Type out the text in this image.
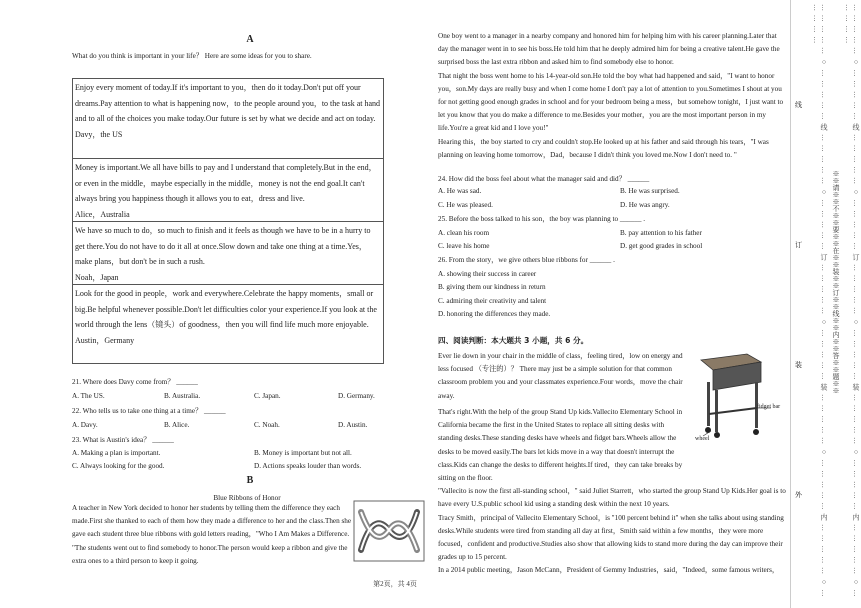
A
What do you think is important in your life？ Here are some ideas for you to share.
Enjoy every moment of today.If it's important to you，then do it today.Don't put off your dreams.Pay attention to what is happening now，to the people around you，to the task at hand and to all of the choices you make today.Our future is set by what we decide and act on today.
Davy，the US
Money is important.We all have bills to pay and I understand that completely.But in the end，or even in the middle，maybe especially in the middle，money is not the end goal.It can't always bring you happiness though it allows you to eat，dress and live.
Alice，Australia
We have so much to do，so much to finish and it feels as though we have to be in a hurry to get there.You do not have to do it all at once.Slow down and take one thing at a time.Yes，make plans，but don't be in such a rush.
Noah，Japan
Look for the good in people，work and everywhere.Celebrate the happy moments，small or big.Be helpful whenever possible.Don't let difficulties color your experience.If you look at the world through the lens（镜头）of goodness，then you will find life much more enjoyable.
Austin，Germany
21. Where does Davy come from？ ______
A. The US.	B. Australia.	C. Japan.	D. Germany.
22. Who tells us to take one thing at a time？ ______
A. Davy.	B. Alice.	C. Noah.	D. Austin.
23. What is Austin's idea？ ______
A. Making a plan is important.	B. Money is important but not all.
C. Always looking for the good.	D. Actions speaks louder than words.
B
Blue Ribbons of Honor
A teacher in New York decided to honor her students by telling them the difference they each made.First she thanked to each of them how they made a difference to her and the class.Then she gave each student three blue ribbons with gold letters reading，"Who I Am Makes a Difference. "The students went out to find somebody to honor.The person would keep a ribbon and give the extra ones to a third person to keep it going.

One boy went to a manager in a nearby company and honored him for helping him with his career planning.Later that day the manager went in to see his boss.He told him that he deeply admired him for being a creative talent.He gave the surprised boss the last extra ribbon and asked him to find somebody else to honor.

That night the boss went home to his 14-year-old son.He told the boy what had happened and said，"I want to honor you，son.My days are really busy and when I come home I don't pay a lot of attention to you.Sometimes I shout at you for not getting good enough grades in school and for your bedroom being a mess，but somehow tonight，I just want to let you know that you do make a difference to me.Besides your mother，you are the most important person in my life.You're a great kid and I love you!"

Hearing this，the boy started to cry and couldn't stop.He looked up at his father and said through his tears，"I was planning on leaving home tomorrow，Dad，because I didn't think you loved me.Now I don't need to. "

24. How did the boss feel about what the manager said and did？ ______
A. He was sad.	B. He was surprised.
C. He was pleased.	D. He was angry.
25. Before the boss talked to his son，the boy was planning to ______ .
A. clean his room	B. pay attention to his father
C. leave his home	D. get good grades in school
26. From the story，we give others blue ribbons for ______ .
A. showing their success in career
B. giving them our kindness in return
C. admiring their creativity and talent
D. honoring the differences they made.
四、阅读判断：本大题共 3 小题，共 6 分。

Ever lie down in your chair in the middle of class，feeling tired，low on energy and less focused （专注的）？ There may just be a simple solution for that common classroom problem you and your classmates experience.Four words，move the chair away.

That's right.With the help of the group Stand Up kids.Vallecito Elementary School in California became the first in the United States to replace all sitting desks with standing desks.These standing desks have wheels and fidget bars.Wheels allow the desks to be moved easily.The bars let kids move in a way that doesn't interrupt the class.Kids can change the desks to different heights.If tired，they can take breaks by sitting on the floor.

"Vallecito is now the first all-standing school，" said Juliet Starrett，who started the group Stand Up Kids.Her goal is to have every U.S.public school kid using a standing desk within the next 10 years.

Tracy Smith，principal of Vallecito Elementary School，is "100 percent behind it" when she talks about using standing desks.While students were tired from standing all day at first，Smith said within a few months，they were more focused，confident and productive.Studies also show that allowing kids to stand more during the day can improve their grades up to 15 percent.

In a 2014 public meeting，Jason McCann，President of Gemmy Industries，said，"Indeed，some famous writers，

fidget bar
wheel
第2页，共 4页	… … … … … ○ … … … … … 线 … … … … … ○ … … … … … 订 … … … … … ○ … … … … … 装 … … … … … ○ … … … … … 内 … … … … … ○ … … … … …
※※请※※不※※要※※在※※装※※订※※线※※内※※答※※题※※	… … … … … ○ … … … … … 线 … … … … … ○ … … … … … 订 … … … … … ○ … … … … … 装 … … … … … ○ … … … … … 内 … … … … … ○ … … … … …
线
订
装
外
